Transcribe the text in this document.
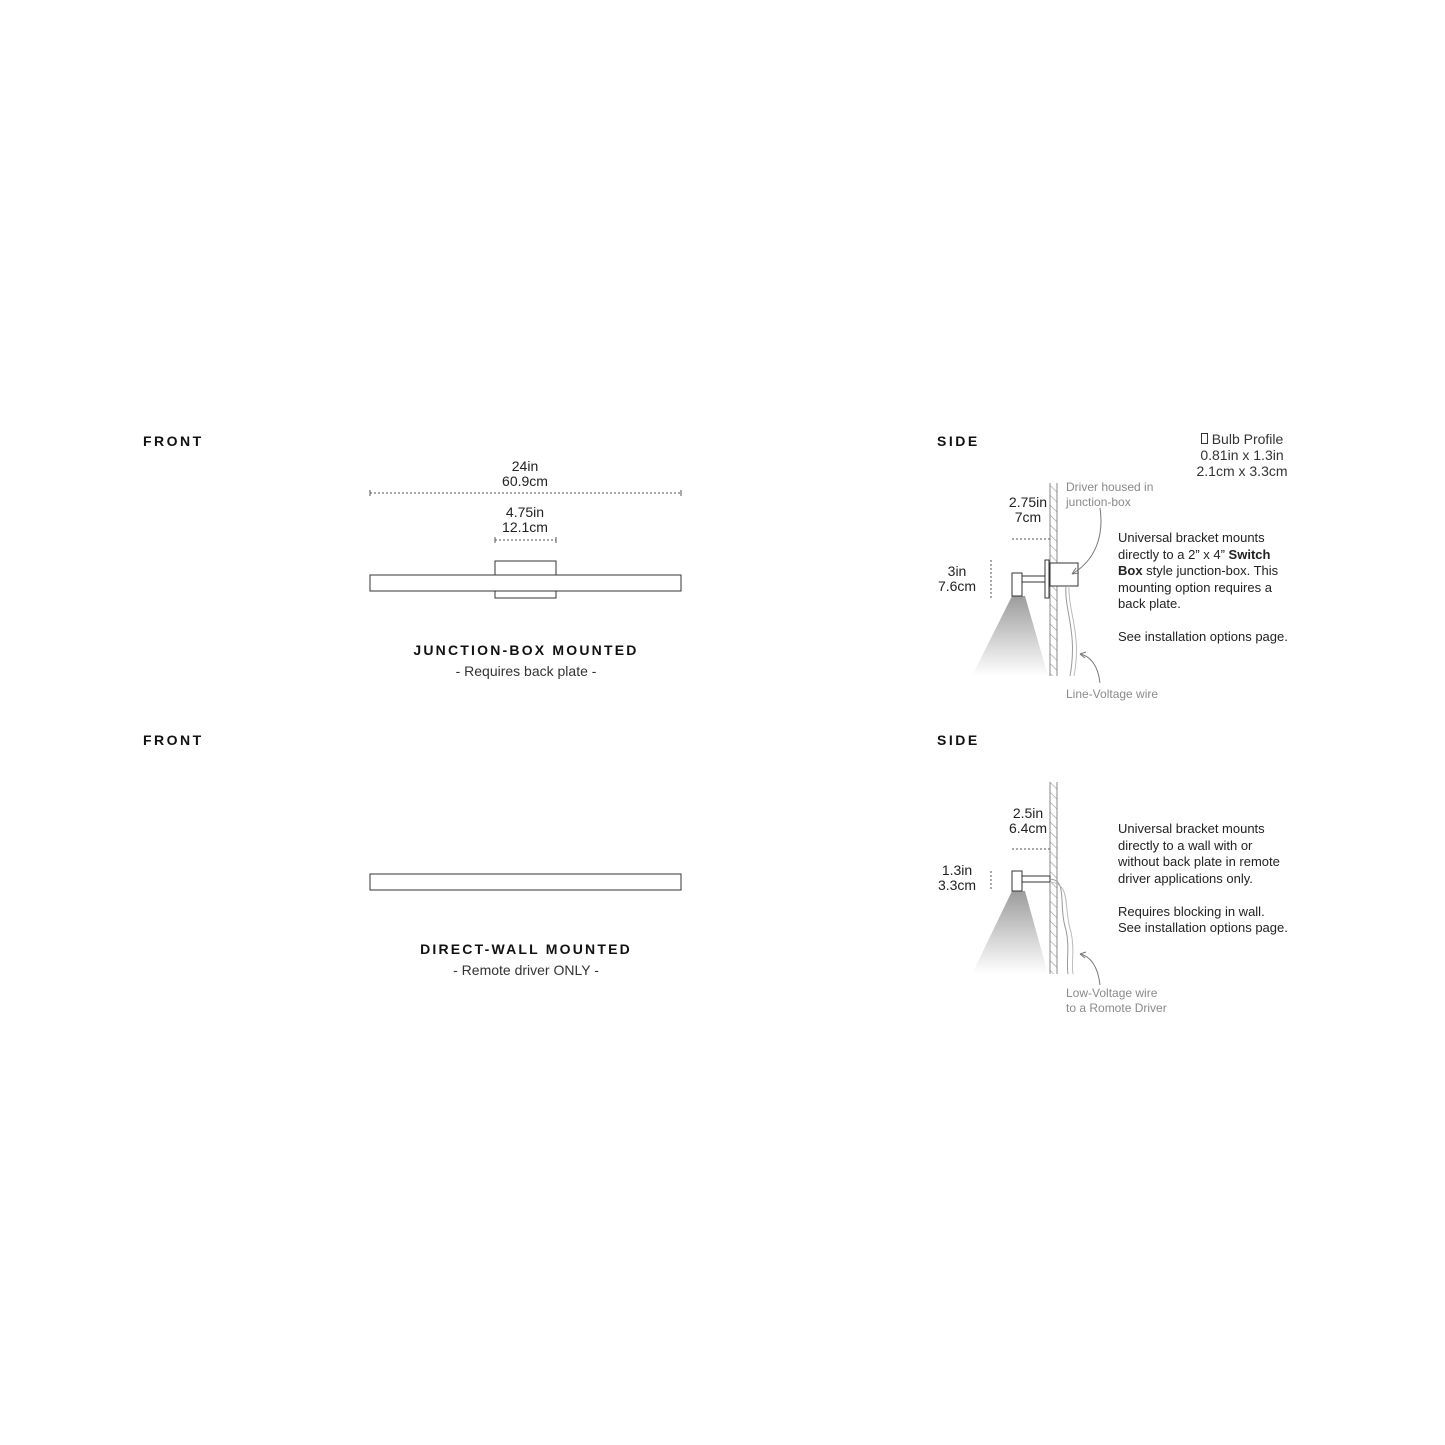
FRONT	SIDE
FRONT	SIDE
24in
60.9cm
4.75in
12.1cm
JUNCTION-BOX MOUNTED
- Requires back plate -
DIRECT-WALL MOUNTED
- Remote driver ONLY -
Bulb Profile
0.81in x 1.3in
2.1cm x 3.3cm
2.75in
7cm
3in
7.6cm
Driver housed in
junction-box
Line-Voltage wire
Universal bracket mounts
directly to a 2” x 4” Switch
Box style junction-box. This
mounting option requires a
back plate.
See installation options page.
2.5in
6.4cm
1.3in
3.3cm
Low-Voltage wire
to a Romote Driver
Universal bracket mounts
directly to a wall with or
without back plate in remote
driver applications only.
Requires blocking in wall.
See installation options page.
